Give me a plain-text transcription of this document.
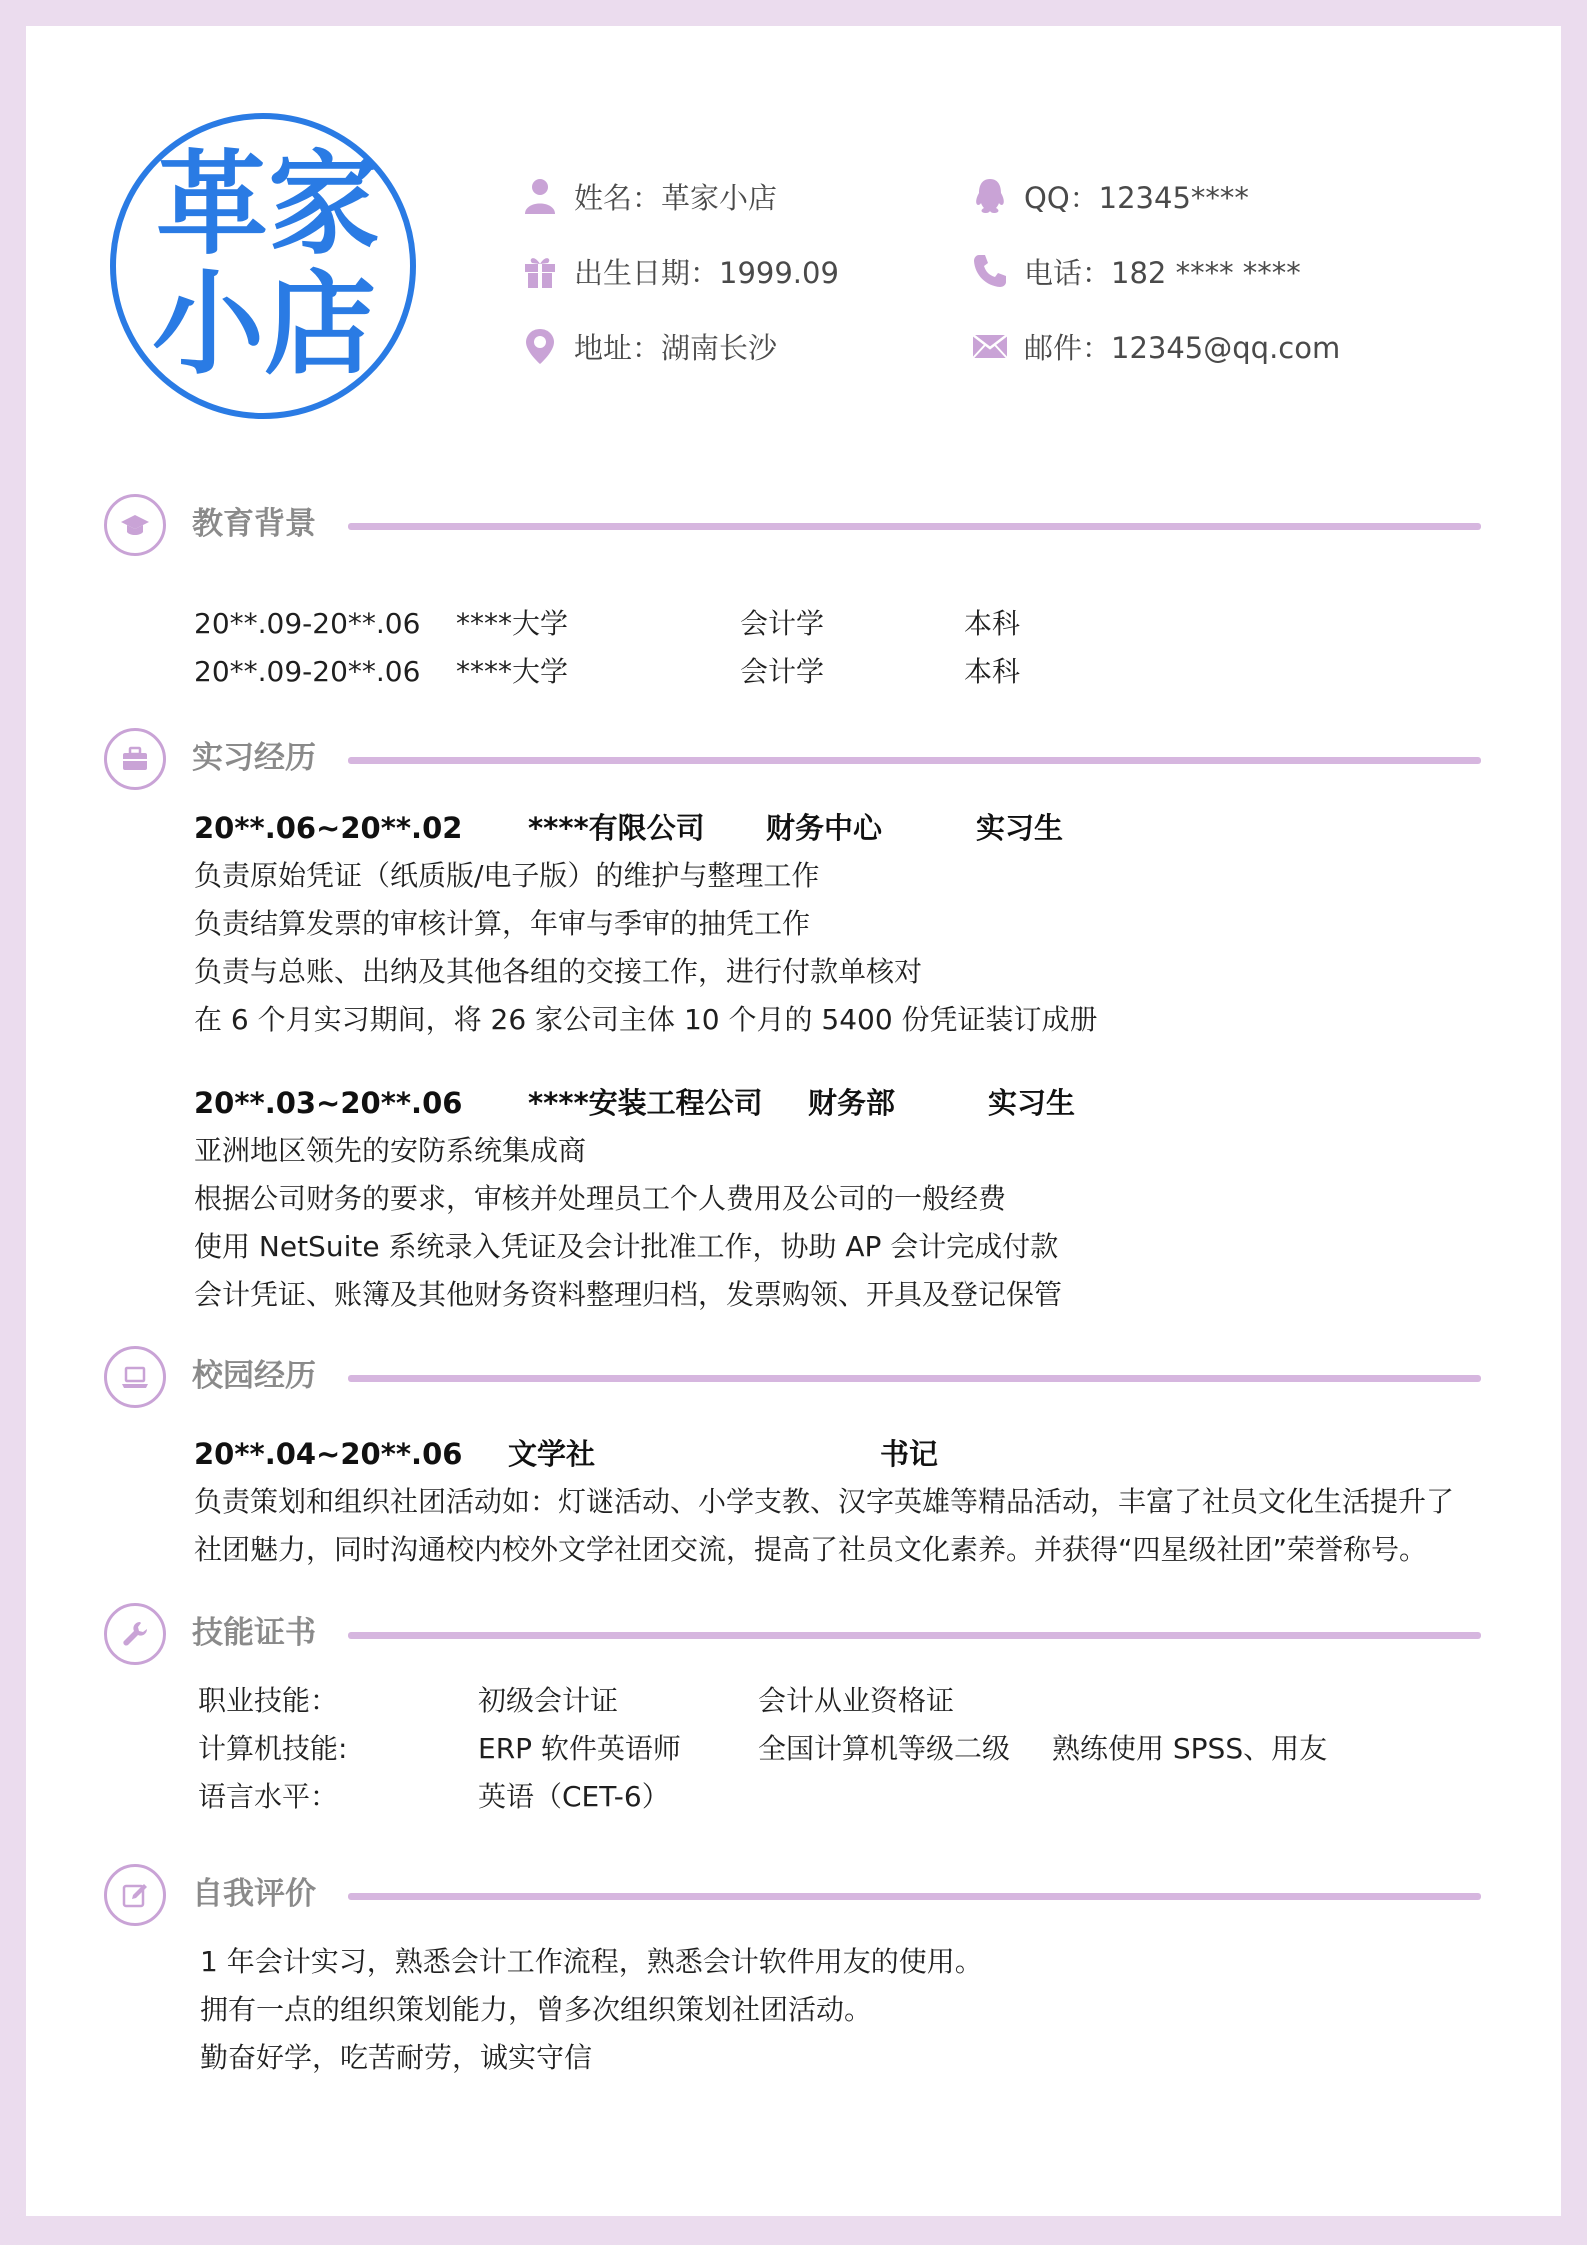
革家
小店
姓名：革家小店
出生日期：1999.09
地址：湖南长沙
QQ：12345****
电话：182 **** ****
邮件：12345@qq.com
教育背景
20**.09-20**.06 ****大学	会计学	本科
20**.09-20**.06 ****大学	会计学	本科
实习经历
20**.06~20**.02 ****有限公司 财务中心	实习生
负责原始凭证（纸质版/电子版）的维护与整理工作
负责结算发票的审核计算，年审与季审的抽凭工作
负责与总账、出纳及其他各组的交接工作，进行付款单核对
在 6 个月实习期间，将 26 家公司主体 10 个月的 5400 份凭证装订成册
20**.03~20**.06 ****安装工程公司 财务部	实习生
亚洲地区领先的安防系统集成商
根据公司财务的要求，审核并处理员工个人费用及公司的一般经费
使用 NetSuite 系统录入凭证及会计批准工作，协助 AP 会计完成付款
会计凭证、账簿及其他财务资料整理归档，发票购领、开具及登记保管
校园经历
20**.04~20**.06 文学社	书记
负责策划和组织社团活动如：灯谜活动、小学支教、汉字英雄等精品活动，丰富了社员文化生活提升了
社团魅力，同时沟通校内校外文学社团交流，提高了社员文化素养。并获得“四星级社团”荣誉称号。
技能证书
职业技能：	初级会计证	会计从业资格证
计算机技能:	ERP 软件英语师	全国计算机等级二级 熟练使用 SPSS、用友
语言水平：	英语（CET-6）
自我评价
1 年会计实习，熟悉会计工作流程，熟悉会计软件用友的使用。
拥有一点的组织策划能力，曾多次组织策划社团活动。
勤奋好学，吃苦耐劳，诚实守信
